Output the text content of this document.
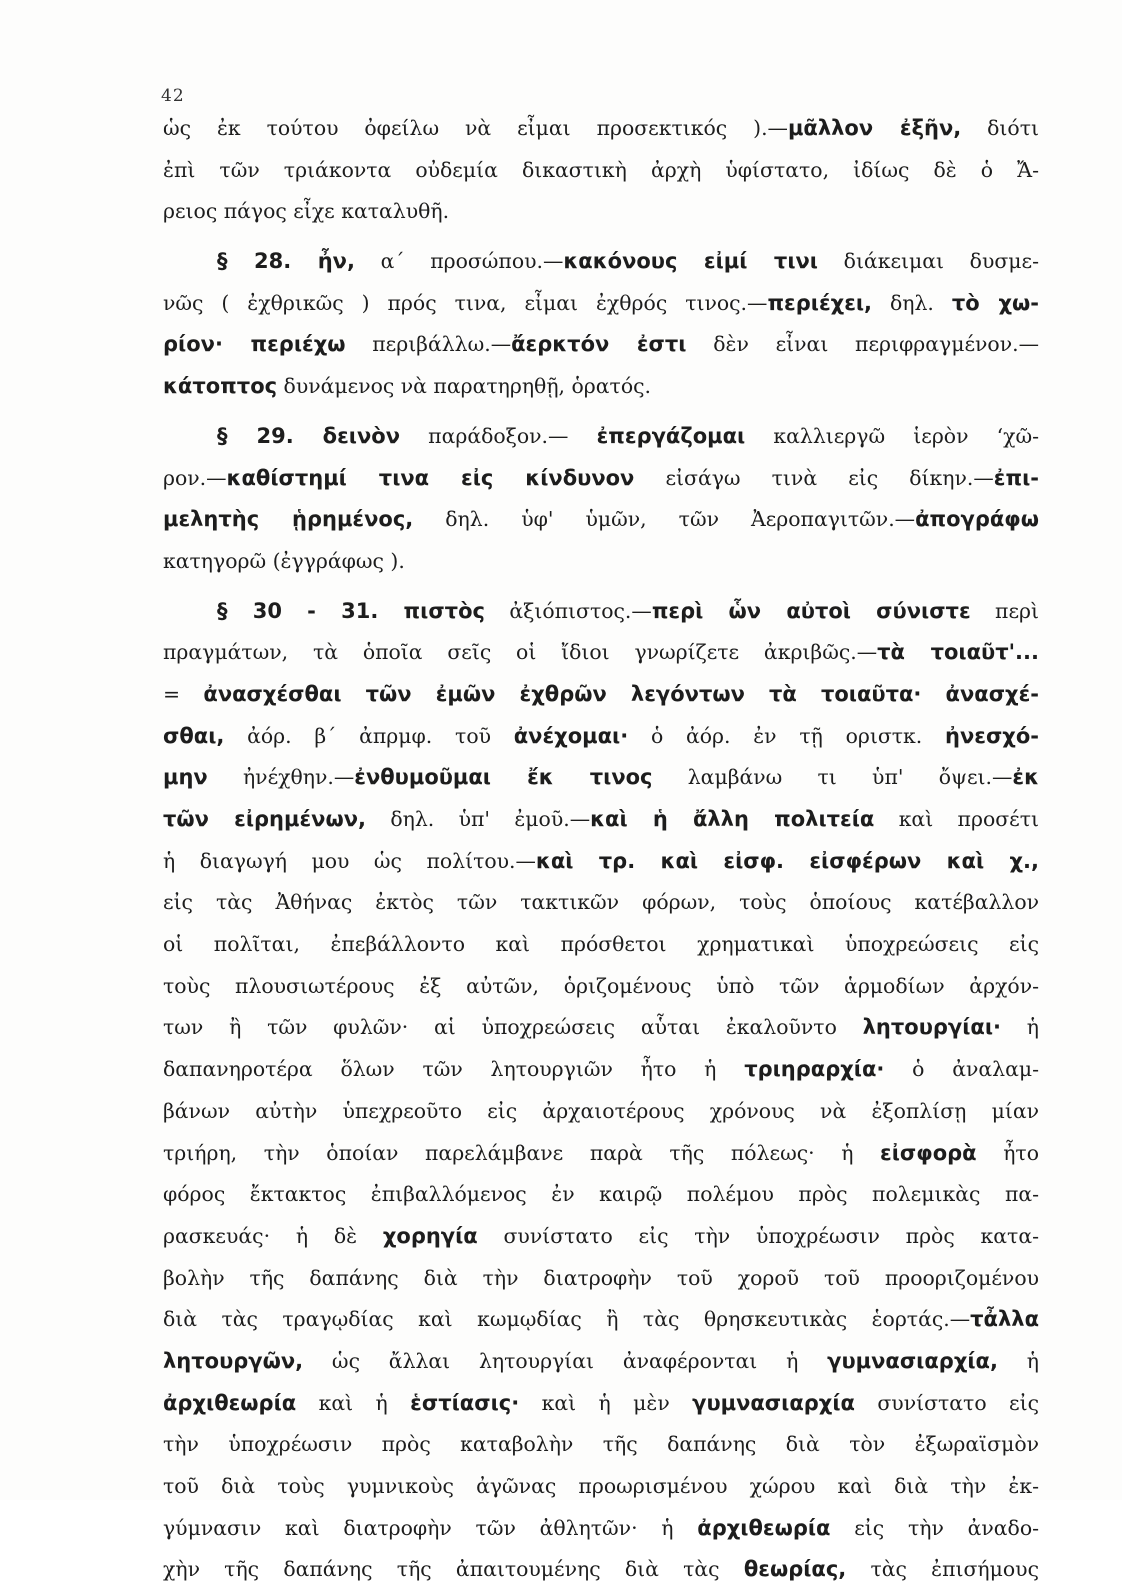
42
ὡς ἐκ τούτου ὀφείλω νὰ εἶμαι προσεκτικός ).—μᾶλλον ἐξῆν, διότι
ἐπὶ τῶν τριάκοντα οὐδεμία δικαστικὴ ἀρχὴ ὑφίστατο, ἰδίως δὲ ὁ Ἄ-
ρειος πάγος εἶχε καταλυθῆ.
§ 28. ἦν, α΄ προσώπου.—κακόνους εἰμί τινι διάκειμαι δυσμε-
νῶς ( ἐχθρικῶς ) πρός τινα, εἶμαι ἐχθρός τινος.—περιέχει, δηλ. τὸ χω-
ρίον· περιέχω περιβάλλω.—ἄερκτόν ἐστι δὲν εἶναι περιφραγμένον.—
κάτοπτος δυνάμενος νὰ παρατηρηθῇ, ὁρατός.
§ 29. δεινὸν παράδοξον.— ἐπεργάζομαι καλλιεργῶ ἱερὸν ‘χῶ-
ρον.—καθίστημί τινα εἰς κίνδυνον εἰσάγω τινὰ εἰς δίκην.—ἐπι-
μελητὴς ᾑρημένος, δηλ. ὑφ' ὑμῶν, τῶν Ἀεροπαγιτῶν.—ἀπογράφω
κατηγορῶ (ἐγγράφως ).
§ 30 - 31. πιστὸς ἀξιόπιστος.—περὶ ὧν αὐτοὶ σύνιστε περὶ
πραγμάτων, τὰ ὁποῖα σεῖς οἱ ἴδιοι γνωρίζετε ἀκριβῶς.—τὰ τοιαῦτ'...
= ἀνασχέσθαι τῶν ἐμῶν ἐχθρῶν λεγόντων τὰ τοιαῦτα· ἀνασχέ-
σθαι, ἀόρ. β΄ ἀπρμφ. τοῦ ἀνέχομαι· ὁ ἀόρ. ἐν τῇ οριστκ. ἠνεσχό-
μην ἠνέχθην.—ἐνθυμοῦμαι ἔκ τινος λαμβάνω τι ὑπ' ὄψει.—ἐκ
τῶν εἰρημένων, δηλ. ὑπ' ἐμοῦ.—καὶ ἡ ἄλλη πολιτεία καὶ προσέτι
ἡ διαγωγή μου ὡς πολίτου.—καὶ τρ. καὶ εἰσφ. εἰσφέρων καὶ χ.,
εἰς τὰς Ἀθήνας ἐκτὸς τῶν τακτικῶν φόρων, τοὺς ὁποίους κατέβαλλον
οἱ πολῖται, ἐπεβάλλοντο καὶ πρόσθετοι χρηματικαὶ ὑποχρεώσεις εἰς
τοὺς πλουσιωτέρους ἐξ αὐτῶν, ὁριζομένους ὑπὸ τῶν ἁρμοδίων ἀρχόν-
των ἢ τῶν φυλῶν· αἱ ὑποχρεώσεις αὗται ἐκαλοῦντο λητουργίαι· ἡ
δαπανηροτέρα ὅλων τῶν λητουργιῶν ἦτο ἡ τριηραρχία· ὁ ἀναλαμ-
βάνων αὐτὴν ὑπεχρεοῦτο εἰς ἀρχαιοτέρους χρόνους νὰ ἐξοπλίσῃ μίαν
τριήρη, τὴν ὁποίαν παρελάμβανε παρὰ τῆς πόλεως· ἡ εἰσφορὰ ἦτο
φόρος ἔκτακτος ἐπιβαλλόμενος ἐν καιρῷ πολέμου πρὸς πολεμικὰς πα-
ρασκευάς· ἡ δὲ χορηγία συνίστατο εἰς τὴν ὑποχρέωσιν πρὸς κατα-
βολὴν τῆς δαπάνης διὰ τὴν διατροφὴν τοῦ χοροῦ τοῦ προοριζομένου
διὰ τὰς τραγῳδίας καὶ κωμῳδίας ἢ τὰς θρησκευτικὰς ἑορτάς.—τἆλλα
λητουργῶν, ὡς ἄλλαι λητουργίαι ἀναφέρονται ἡ γυμνασιαρχία, ἡ
ἀρχιθεωρία καὶ ἡ ἑστίασις· καὶ ἡ μὲν γυμνασιαρχία συνίστατο εἰς
τὴν ὑποχρέωσιν πρὸς καταβολὴν τῆς δαπάνης διὰ τὸν ἐξωραϊσμὸν
τοῦ διὰ τοὺς γυμνικοὺς ἀγῶνας προωρισμένου χώρου καὶ διὰ τὴν ἐκ-
γύμνασιν καὶ διατροφὴν τῶν ἀθλητῶν· ἡ ἀρχιθεωρία εἰς τὴν ἀναδο-
χὴν τῆς δαπάνης τῆς ἀπαιτουμένης διὰ τὰς θεωρίας, τὰς ἐπισήμους
